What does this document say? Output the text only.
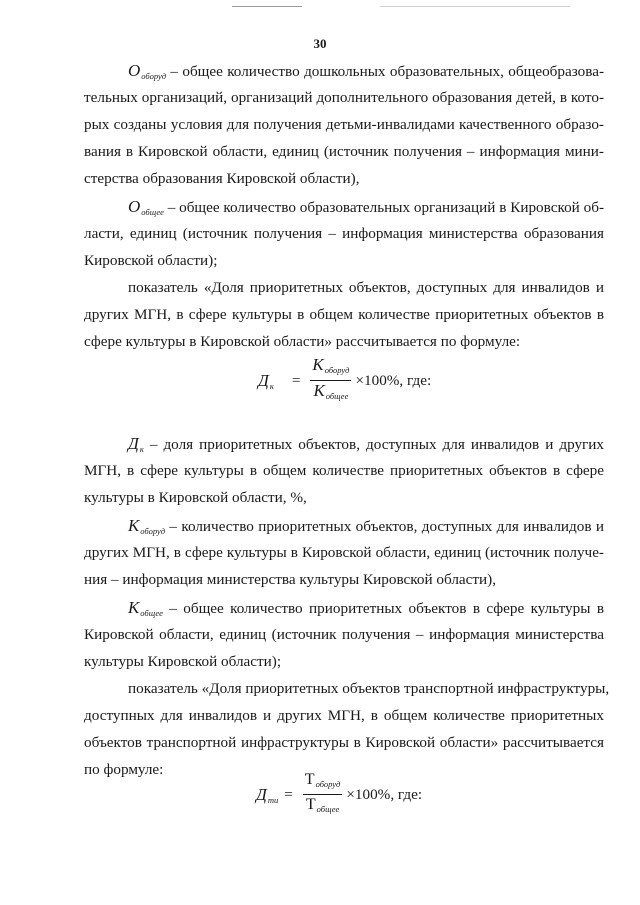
30

$О_{оборуд}$ – общее количество дошкольных образовательных, общеобразова-

тельных организаций, организаций дополнительного образования детей, в кото-

рых созданы условия для получения детьми-инвалидами качественного образо-

вания в Кировской области, единиц (источник получения – информация мини-

стерства образования Кировской области),

$О_{общее}$ – общее количество образовательных организаций в Кировской об-

ласти, единиц (источник получения – информация министерства образования

Кировской области);

показатель «Доля приоритетных объектов, доступных для инвалидов и

других МГН, в сфере культуры в общем количестве приоритетных объектов в

сфере культуры в Кировской области» рассчитывается по формуле:

$Д_к = \frac{К_{оборуд}}{К_{общее}} \times 100\%$, где:

$Д_к$ – доля приоритетных объектов, доступных для инвалидов и других

МГН, в сфере культуры в общем количестве приоритетных объектов в сфере

культуры в Кировской области, %,

$К_{оборуд}$ – количество приоритетных объектов, доступных для инвалидов и

других МГН, в сфере культуры в Кировской области, единиц (источник получе-

ния – информация министерства культуры Кировской области),

$К_{общее}$ – общее количество приоритетных объектов в сфере культуры в

Кировской области, единиц (источник получения – информация министерства

культуры Кировской области);

показатель «Доля приоритетных объектов транспортной инфраструктуры,

доступных для инвалидов и других МГН, в общем количестве приоритетных

объектов транспортной инфраструктуры в Кировской области» рассчитывается

по формуле:

$Д_{ти} = \frac{Т_{оборуд}}{Т_{общее}} \times 100\%$, где:
